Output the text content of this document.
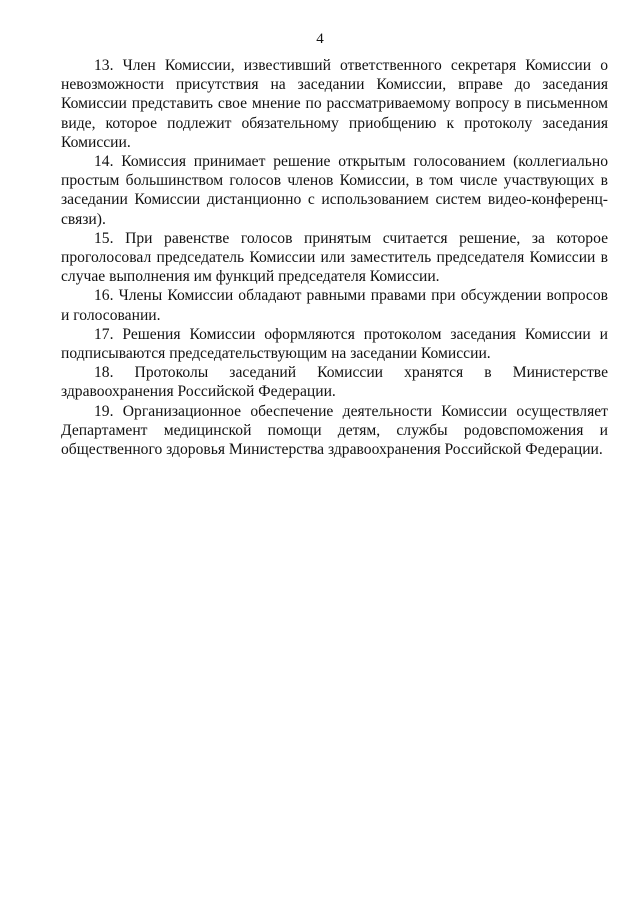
4

13. Член Комиссии, известивший ответственного секретаря Комиссии о невозможности присутствия на заседании Комиссии, вправе до заседания Комиссии представить свое мнение по рассматриваемому вопросу в письменном виде, которое подлежит обязательному приобщению к протоколу заседания Комиссии.

14. Комиссия принимает решение открытым голосованием (коллегиально простым большинством голосов членов Комиссии, в том числе участвующих в заседании Комиссии дистанционно с использованием систем видео-конференц-связи).

15. При равенстве голосов принятым считается решение, за которое проголосовал председатель Комиссии или заместитель председателя Комиссии в случае выполнения им функций председателя Комиссии.

16. Члены Комиссии обладают равными правами при обсуждении вопросов и голосовании.

17. Решения Комиссии оформляются протоколом заседания Комиссии и подписываются председательствующим на заседании Комиссии.

18. Протоколы заседаний Комиссии хранятся в Министерстве здравоохранения Российской Федерации.

19. Организационное обеспечение деятельности Комиссии осуществляет Департамент медицинской помощи детям, службы родовспоможения и общественного здоровья Министерства здравоохранения Российской Федерации.
